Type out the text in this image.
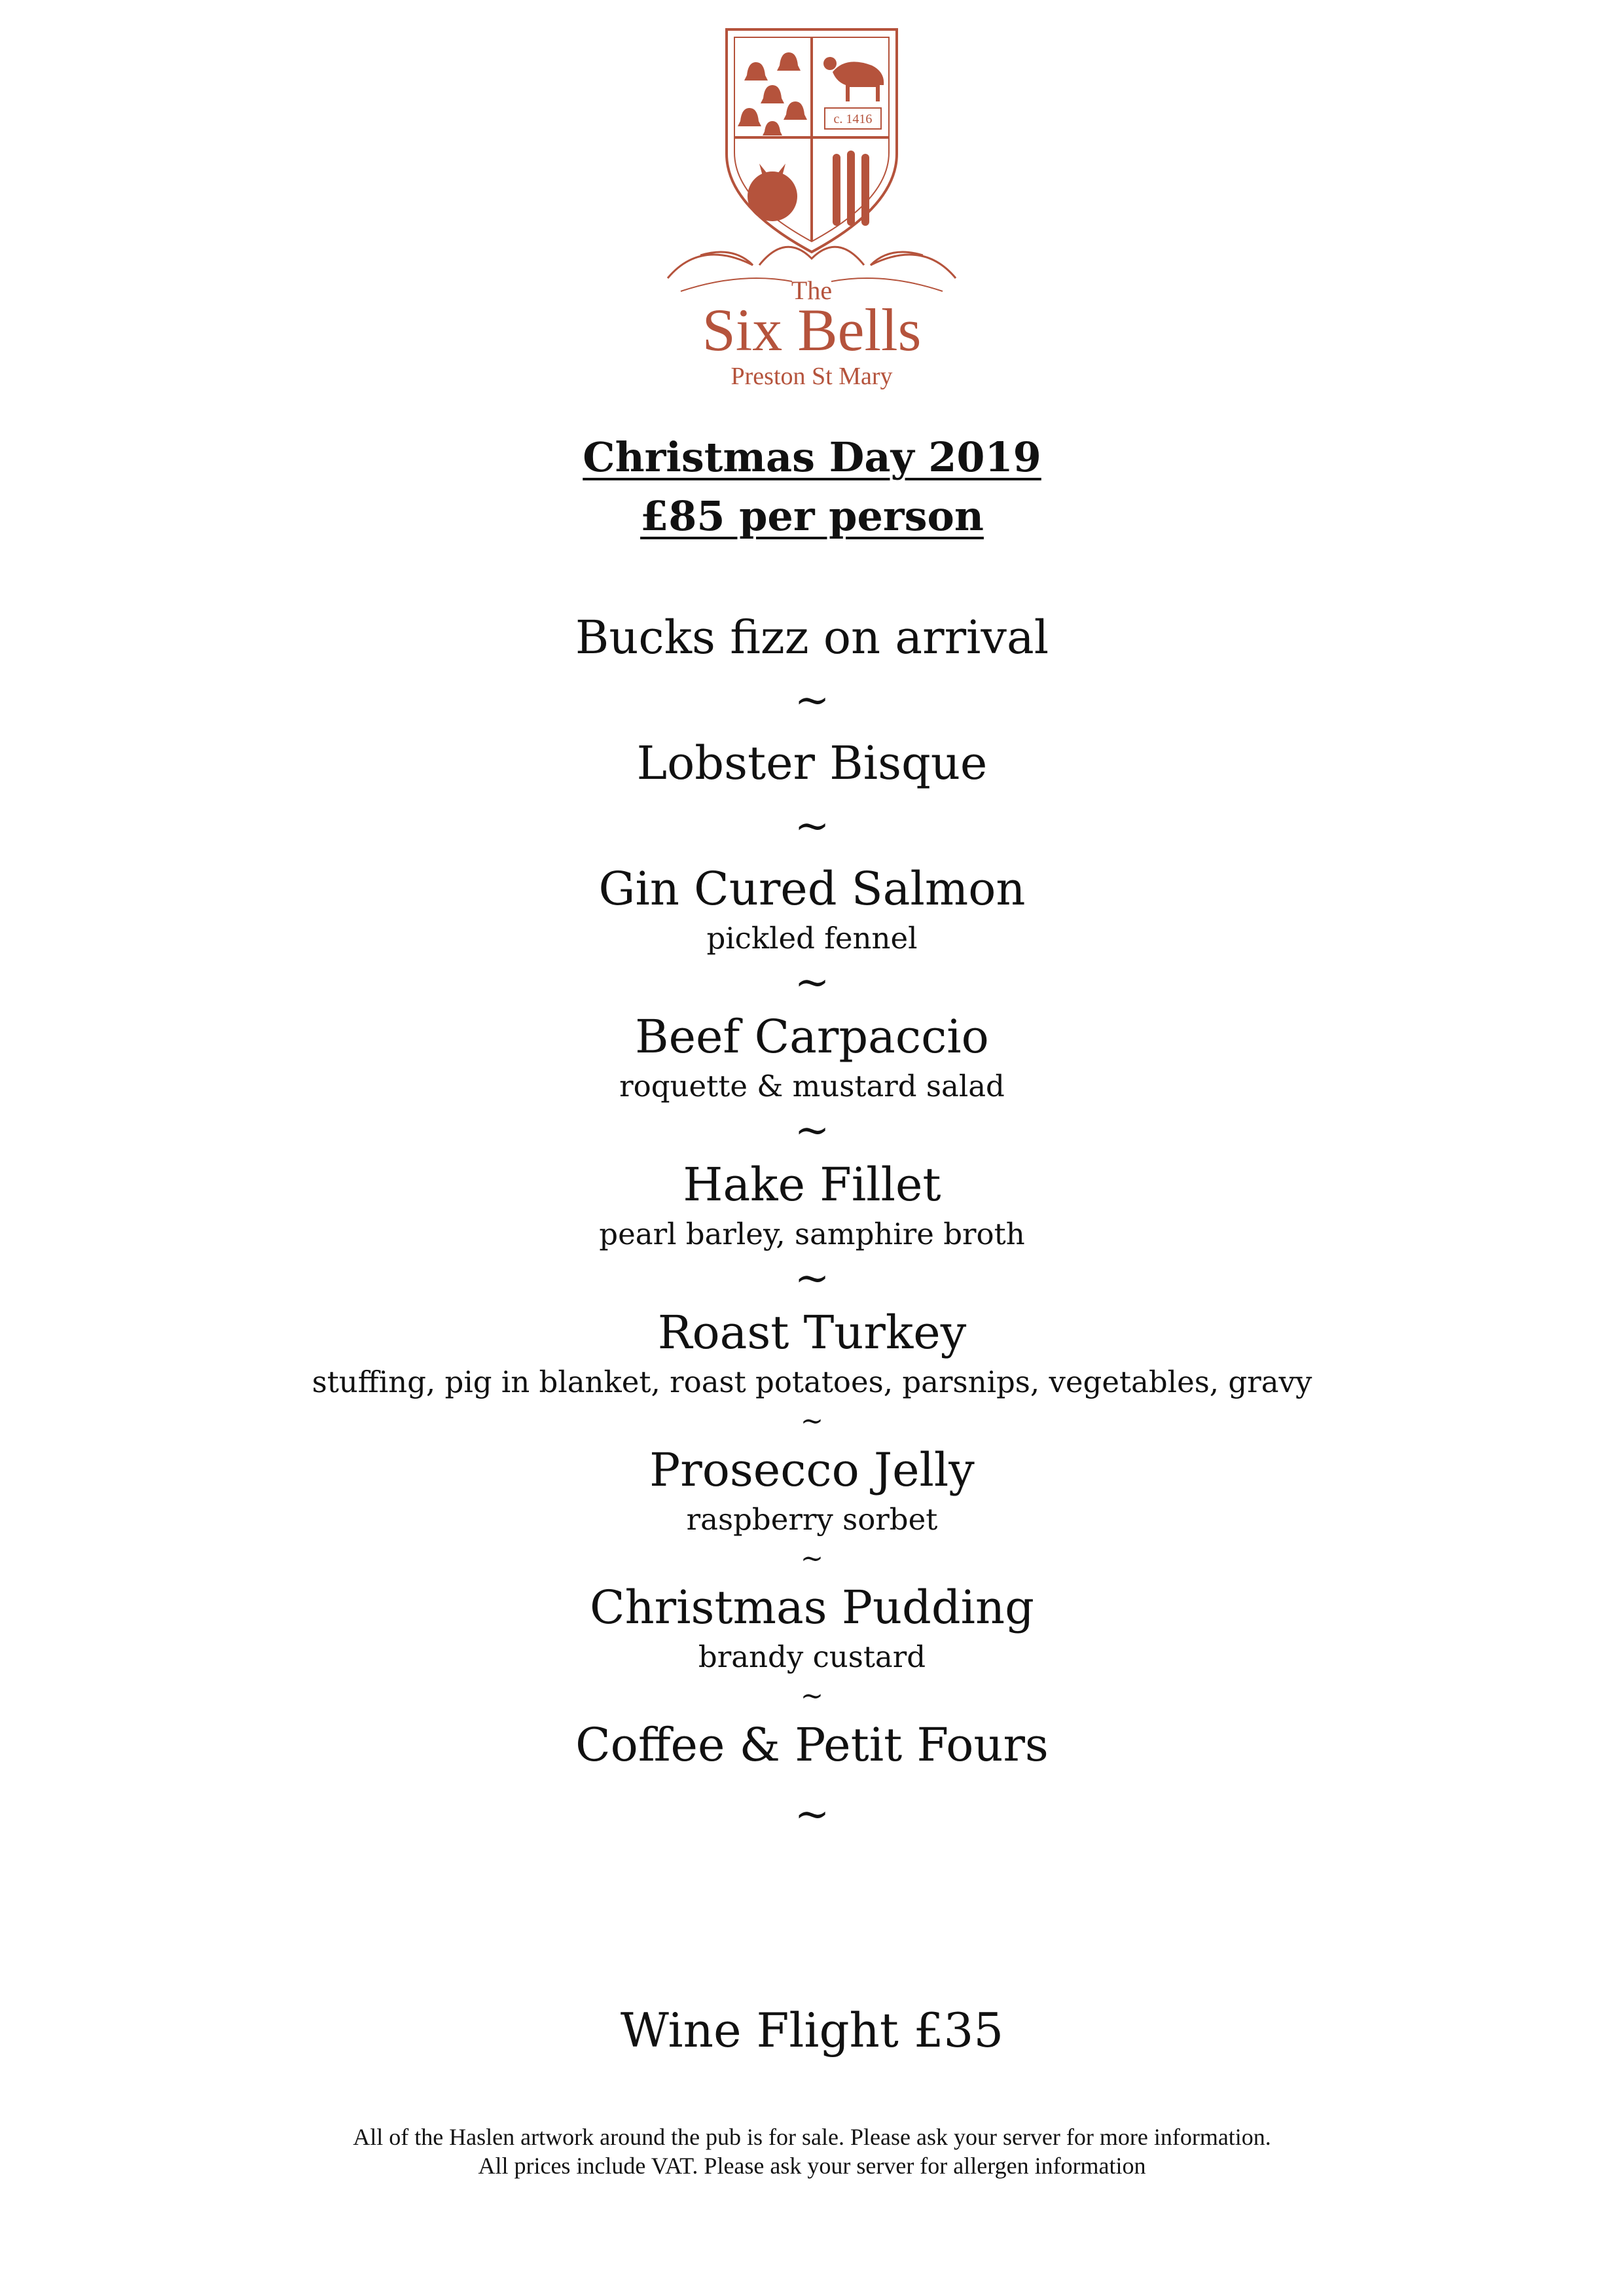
c. 1416
The
Six Bells
Preston St Mary
Christmas Day 2019
£85 per person
Bucks fizz on arrival
~
Lobster Bisque
~
Gin Cured Salmon
pickled fennel
~
Beef Carpaccio
roquette & mustard salad
~
Hake Fillet
pearl barley, samphire broth
~
Roast Turkey
stuffing, pig in blanket, roast potatoes, parsnips, vegetables, gravy
~
Prosecco Jelly
raspberry sorbet
~
Christmas Pudding
brandy custard
~
Coffee & Petit Fours
~
Wine Flight £35
All of the Haslen artwork around the pub is for sale. Please ask your server for more information.
All prices include VAT. Please ask your server for allergen information
